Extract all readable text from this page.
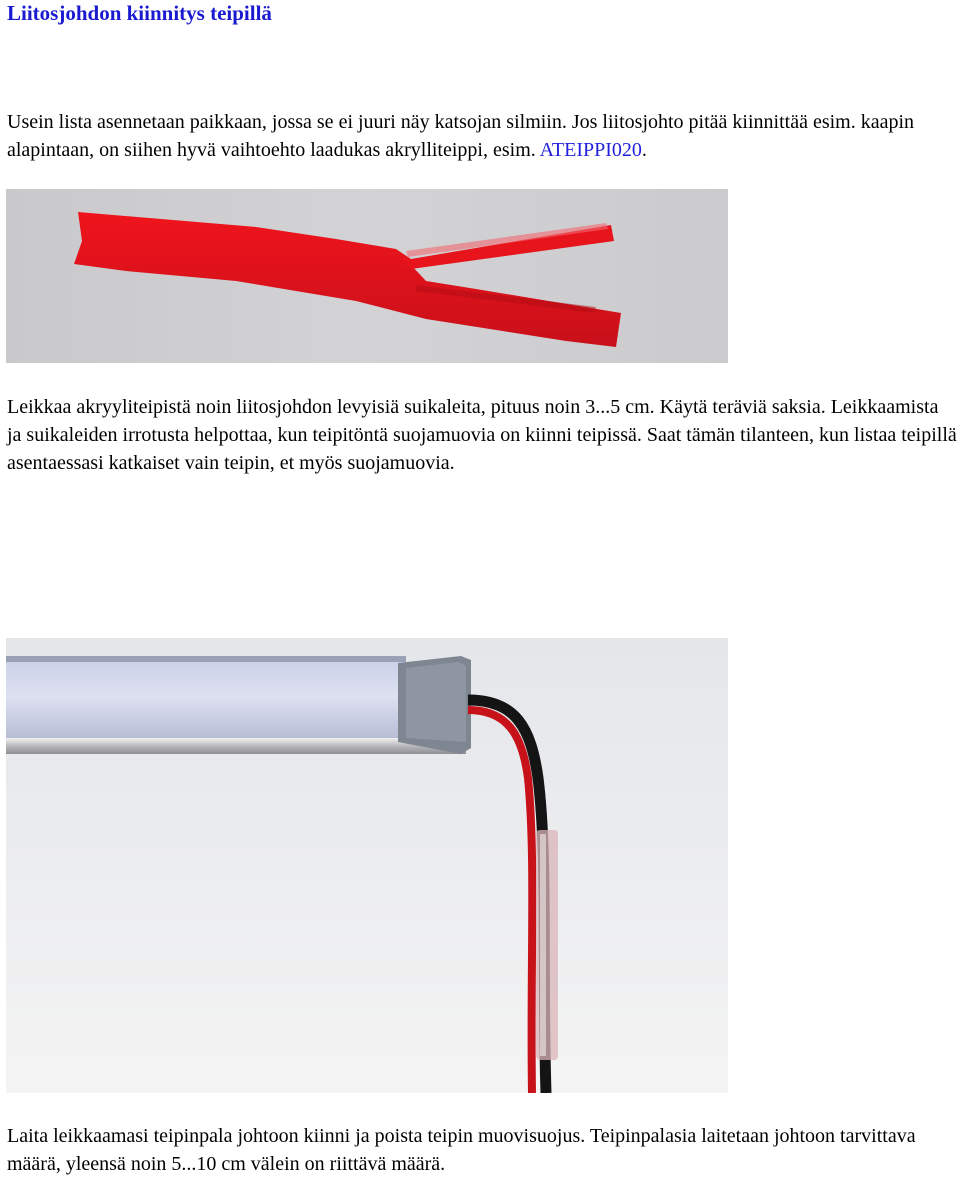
Liitosjohdon kiinnitys teipillä

Usein lista asennetaan paikkaan, jossa se ei juuri näy katsojan silmiin. Jos liitosjohto pitää kiinnittää esim. kaapin alapintaan, on siihen hyvä vaihtoehto laadukas akrylliteippi, esim. ATEIPPI020.

Leikkaa akryyliteipistä noin liitosjohdon levyisiä suikaleita, pituus noin 3...5 cm. Käytä teräviä saksia. Leikkaamista ja suikaleiden irrotusta helpottaa, kun teipitöntä suojamuovia on kiinni teipissä. Saat tämän tilanteen, kun listaa teipillä asentaessasi katkaiset vain teipin, et myös suojamuovia.

Laita leikkaamasi teipinpala johtoon kiinni ja poista teipin muovisuojus. Teipinpalasia laitetaan johtoon tarvittava määrä, yleensä noin 5...10 cm välein on riittävä määrä.
